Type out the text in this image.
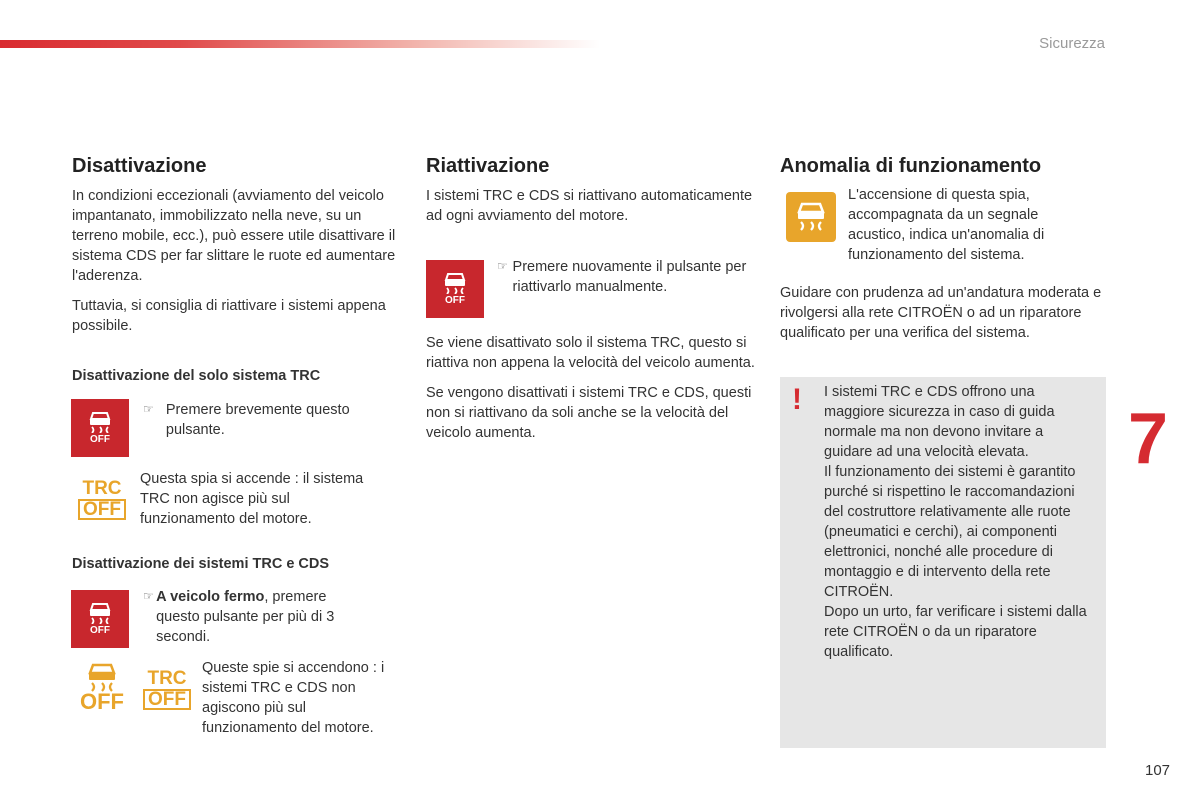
Sicurezza
Disattivazione

In condizioni eccezionali (avviamento del veicolo impantanato, immobilizzato nella neve, su un terreno mobile, ecc.), può essere utile disattivare il sistema CDS per far slittare le ruote ed aumentare l'aderenza.

Tuttavia, si consiglia di riattivare i sistemi appena possibile.

Disattivazione del solo sistema TRC
OFF
☞ Premere brevemente questo pulsante.

TRC
OFF

Questa spia si accende : il sistema TRC non agisce più sul funzionamento del motore.

Disattivazione dei sistemi TRC e CDS
OFF
☞ A veicolo fermo, premere questo pulsante per più di 3 secondi.

OFF
TRC
OFF

Queste spie si accendono : i sistemi TRC e CDS non agiscono più sul funzionamento del motore.

Riattivazione

I sistemi TRC e CDS si riattivano automaticamente ad ogni avviamento del motore.

OFF
☞ Premere nuovamente il pulsante per riattivarlo manualmente.

Se viene disattivato solo il sistema TRC, questo si riattiva non appena la velocità del veicolo aumenta.

Se vengono disattivati i sistemi TRC e CDS, questi non si riattivano da soli anche se la velocità del veicolo aumenta.

Anomalia di funzionamento

L'accensione di questa spia, accompagnata da un segnale acustico, indica un'anomalia di funzionamento del sistema.

Guidare con prudenza ad un'andatura moderata e rivolgersi alla rete CITROËN o ad un riparatore qualificato per una verifica del sistema.

! I sistemi TRC e CDS offrono una maggiore sicurezza in caso di guida normale ma non devono invitare a guidare ad una velocità elevata.
Il funzionamento dei sistemi è garantito purché si rispettino le raccomandazioni del costruttore relativamente alle ruote (pneumatici e cerchi), ai componenti elettronici, nonché alle procedure di montaggio e di intervento della rete CITROËN.
Dopo un urto, far verificare i sistemi dalla rete CITROËN o da un riparatore qualificato.

7
107
